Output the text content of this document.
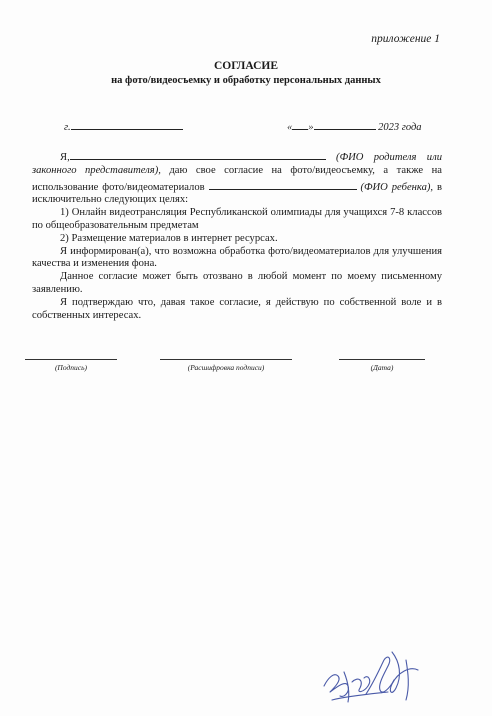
приложение 1
СОГЛАСИЕ
на фото/видеосъемку и обработку персональных данных
г.	« »	2023 года

Я,	(ФИО родителя или законного представителя), даю свое согласие на фото/видеосъемку, а также на использование фото/видеоматериалов	(ФИО ребенка), в исключительно следующих целях:

1) Онлайн видеотрансляция Республиканской олимпиады для учащихся 7-8 классов по общеобразовательным предметам

2) Размещение материалов в интернет ресурсах.

Я информирован(а), что возможна обработка фото/видеоматериалов для улучшения качества и изменения фона.

Данное согласие может быть отозвано в любой момент по моему письменному заявлению.

Я подтверждаю что, давая такое согласие, я действую по собственной воле и в собственных интересах.

(Подпись)	(Расшифровка подписи)	(Дата)
